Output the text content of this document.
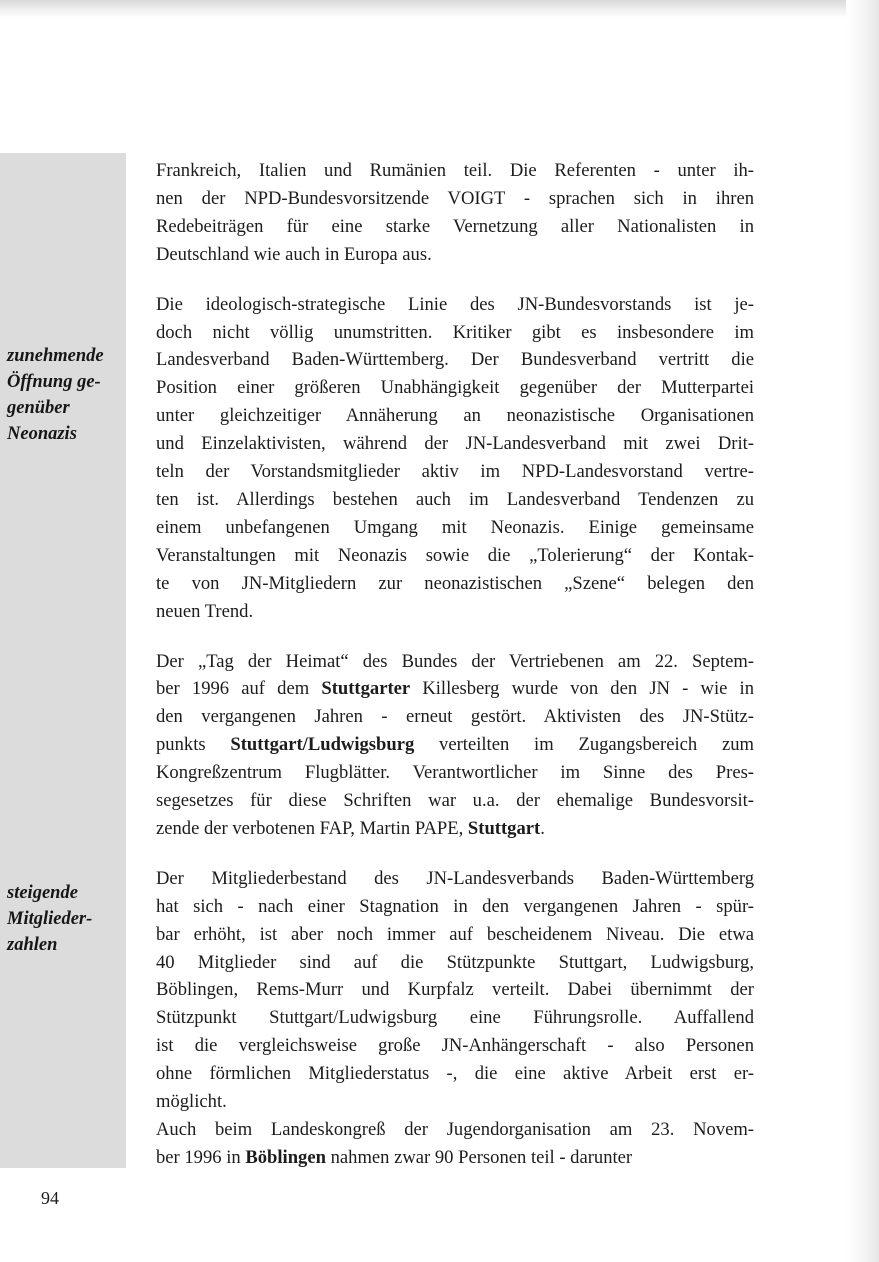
zunehmende
Öffnung ge-
genüber
Neonazis
steigende
Mitglieder-
zahlen

Frankreich, Italien und Rumänien teil. Die Referenten - unter ih-
nen der NPD-Bundesvorsitzende VOIGT - sprachen sich in ihren
Redebeiträgen für eine starke Vernetzung aller Nationalisten in
Deutschland wie auch in Europa aus.

Die ideologisch-strategische Linie des JN-Bundesvorstands ist je-
doch nicht völlig unumstritten. Kritiker gibt es insbesondere im
Landesverband Baden-Württemberg. Der Bundesverband vertritt die
Position einer größeren Unabhängigkeit gegenüber der Mutterpartei
unter gleichzeitiger Annäherung an neonazistische Organisationen
und Einzelaktivisten, während der JN-Landesverband mit zwei Drit-
teln der Vorstandsmitglieder aktiv im NPD-Landesvorstand vertre-
ten ist. Allerdings bestehen auch im Landesverband Tendenzen zu
einem unbefangenen Umgang mit Neonazis. Einige gemeinsame
Veranstaltungen mit Neonazis sowie die „Tolerierung“ der Kontak-
te von JN-Mitgliedern zur neonazistischen „Szene“ belegen den
neuen Trend.

Der „Tag der Heimat“ des Bundes der Vertriebenen am 22. Septem-
ber 1996 auf dem Stuttgarter Killesberg wurde von den JN - wie in
den vergangenen Jahren - erneut gestört. Aktivisten des JN-Stütz-
punkts Stuttgart/Ludwigsburg verteilten im Zugangsbereich zum
Kongreßzentrum Flugblätter. Verantwortlicher im Sinne des Pres-
segesetzes für diese Schriften war u.a. der ehemalige Bundesvorsit-
zende der verbotenen FAP, Martin PAPE, Stuttgart.

Der Mitgliederbestand des JN-Landesverbands Baden-Württemberg
hat sich - nach einer Stagnation in den vergangenen Jahren - spür-
bar erhöht, ist aber noch immer auf bescheidenem Niveau. Die etwa
40 Mitglieder sind auf die Stützpunkte Stuttgart, Ludwigsburg,
Böblingen, Rems-Murr und Kurpfalz verteilt. Dabei übernimmt der
Stützpunkt Stuttgart/Ludwigsburg eine Führungsrolle. Auffallend
ist die vergleichsweise große JN-Anhängerschaft - also Personen
ohne förmlichen Mitgliederstatus -, die eine aktive Arbeit erst er-
möglicht.

Auch beim Landeskongreß der Jugendorganisation am 23. Novem-
ber 1996 in Böblingen nahmen zwar 90 Personen teil - darunter

94
